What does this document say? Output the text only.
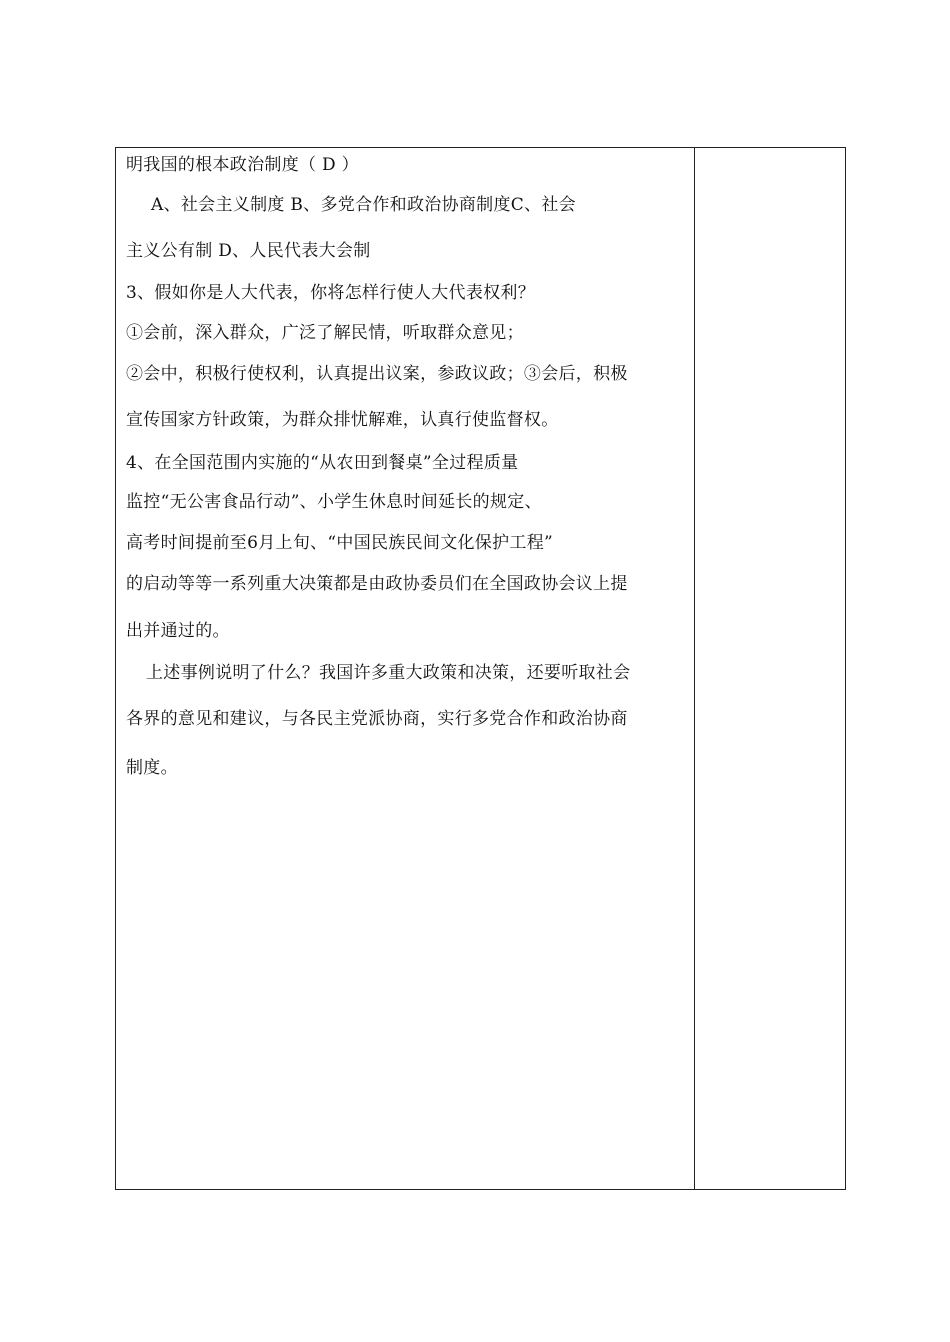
明我国的根本政治制度（ D ）
A、社会主义制度 B、多党合作和政治协商制度C、社会
主义公有制 D、人民代表大会制
3、假如你是人大代表，你将怎样行使人大代表权利？
①会前，深入群众，广泛了解民情，听取群众意见；
②会中，积极行使权利，认真提出议案，参政议政；③会后，积极
宣传国家方针政策，为群众排忧解难，认真行使监督权。
4、在全国范围内实施的“从农田到餐桌”全过程质量
监控“无公害食品行动”、小学生休息时间延长的规定、
高考时间提前至6月上旬、“中国民族民间文化保护工程”
的启动等等一系列重大决策都是由政协委员们在全国政协会议上提
出并通过的。
上述事例说明了什么？我国许多重大政策和决策，还要听取社会
各界的意见和建议，与各民主党派协商，实行多党合作和政治协商
制度。
